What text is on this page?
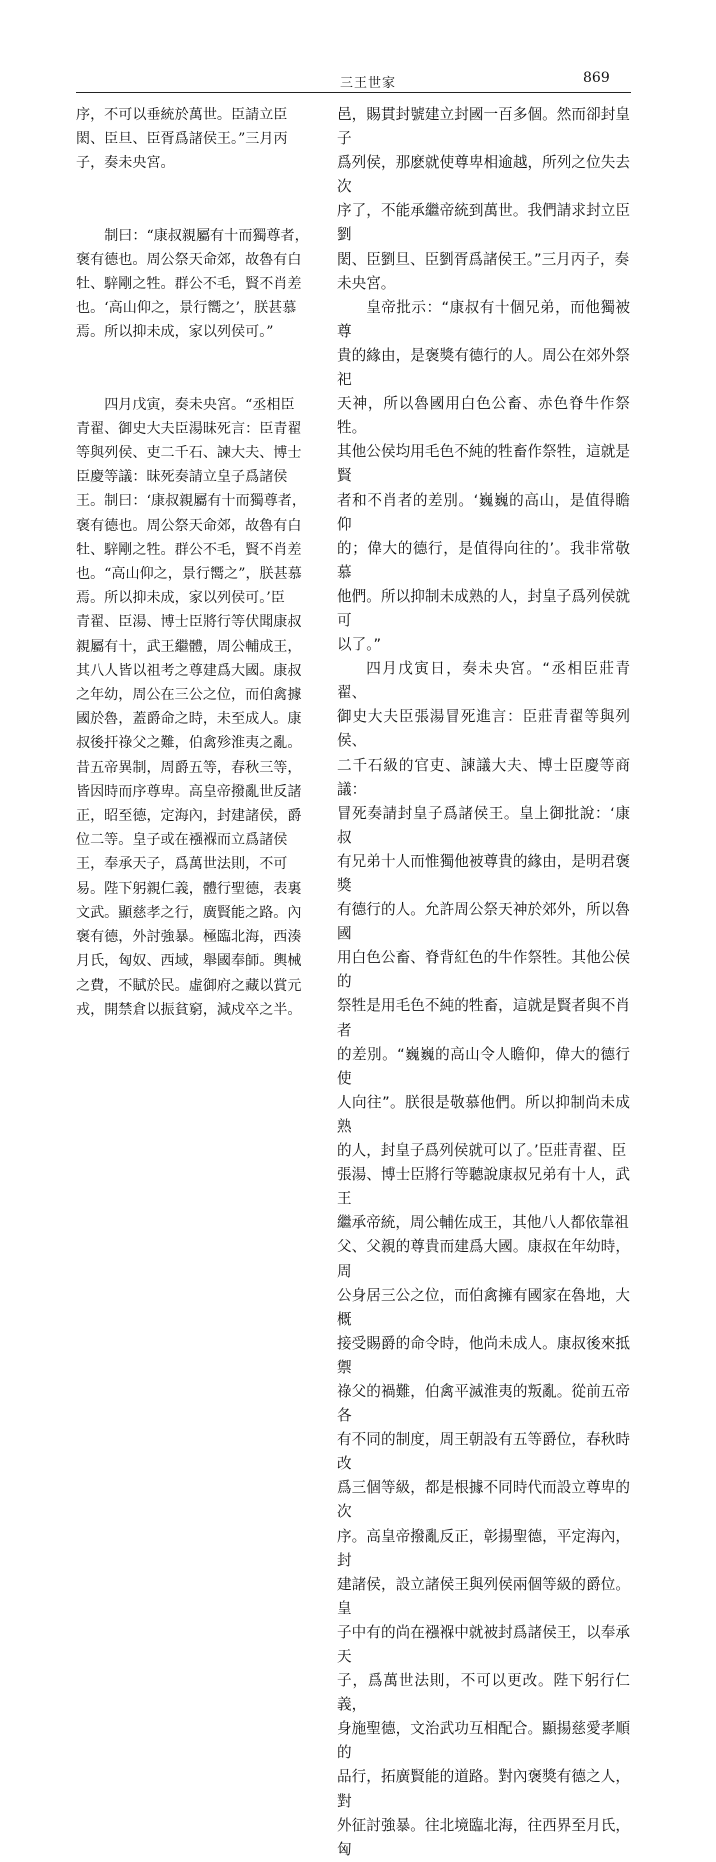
三王世家	869

序，不可以垂統於萬世。臣請立臣
閎、臣旦、臣胥爲諸侯王。”三月丙
子，奏未央宮。

制曰：“康叔親屬有十而獨尊者，
褒有德也。周公祭天命郊，故魯有白
牡、騂剛之牲。群公不毛，賢不肖差
也。‘高山仰之，景行嚮之’，朕甚慕
焉。所以抑未成，家以列侯可。”

四月戊寅，奏未央宮。“丞相臣
青翟、御史大夫臣湯昧死言：臣青翟
等與列侯、吏二千石、諫大夫、博士
臣慶等議：昧死奏請立皇子爲諸侯
王。制曰：‘康叔親屬有十而獨尊者，
褒有德也。周公祭天命郊，故魯有白
牡、騂剛之牲。群公不毛，賢不肖差
也。“高山仰之，景行嚮之”，朕甚慕
焉。所以抑未成，家以列侯可。’臣
青翟、臣湯、博士臣將行等伏聞康叔
親屬有十，武王繼體，周公輔成王，
其八人皆以祖考之尊建爲大國。康叔
之年幼，周公在三公之位，而伯禽據
國於魯，蓋爵命之時，未至成人。康
叔後扞祿父之難，伯禽殄淮夷之亂。
昔五帝異制，周爵五等，春秋三等，
皆因時而序尊卑。高皇帝撥亂世反諸
正，昭至德，定海內，封建諸侯，爵
位二等。皇子或在襁褓而立爲諸侯
王，奉承天子，爲萬世法則，不可
易。陛下躬親仁義，體行聖德，表裏
文武。顯慈孝之行，廣賢能之路。內
褒有德，外討強暴。極臨北海，西湊
月氏，匈奴、西域，舉國奉師。輿械
之費，不賦於民。虛御府之藏以賞元
戎，開禁倉以振貧窮，減戍卒之半。

邑，賜貫封號建立封國一百多個。然而卻封皇子
爲列侯，那麽就使尊卑相逾越，所列之位失去次
序了，不能承繼帝統到萬世。我們請求封立臣劉
閎、臣劉旦、臣劉胥爲諸侯王。”三月丙子，奏
未央宮。

皇帝批示：“康叔有十個兄弟，而他獨被尊
貴的緣由，是褒獎有德行的人。周公在郊外祭祀
天神，所以魯國用白色公畜、赤色脊牛作祭牲。
其他公侯均用毛色不純的牲畜作祭牲，這就是賢
者和不肖者的差別。‘巍巍的高山，是值得瞻仰
的；偉大的德行，是值得向往的’。我非常敬慕
他們。所以抑制未成熟的人，封皇子爲列侯就可
以了。”

四月戊寅日，奏未央宮。“丞相臣莊青翟、
御史大夫臣張湯冒死進言：臣莊青翟等與列侯、
二千石級的官吏、諫議大夫、博士臣慶等商議：
冒死奏請封皇子爲諸侯王。皇上御批說：‘康叔
有兄弟十人而惟獨他被尊貴的緣由，是明君褒獎
有德行的人。允許周公祭天神於郊外，所以魯國
用白色公畜、脊背紅色的牛作祭牲。其他公侯的
祭牲是用毛色不純的牲畜，這就是賢者與不肖者
的差別。“巍巍的高山令人瞻仰，偉大的德行使
人向往”。朕很是敬慕他們。所以抑制尚未成熟
的人，封皇子爲列侯就可以了。’臣莊青翟、臣
張湯、博士臣將行等聽說康叔兄弟有十人，武王
繼承帝統，周公輔佐成王，其他八人都依靠祖
父、父親的尊貴而建爲大國。康叔在年幼時，周
公身居三公之位，而伯禽擁有國家在魯地，大概
接受賜爵的命令時，他尚未成人。康叔後來抵禦
祿父的禍難，伯禽平滅淮夷的叛亂。從前五帝各
有不同的制度，周王朝設有五等爵位，春秋時改
爲三個等級，都是根據不同時代而設立尊卑的次
序。高皇帝撥亂反正，彰揚聖德，平定海內，封
建諸侯，設立諸侯王與列侯兩個等級的爵位。皇
子中有的尚在襁褓中就被封爲諸侯王，以奉承天
子，爲萬世法則，不可以更改。陛下躬行仁義，
身施聖德，文治武功互相配合。顯揚慈愛孝順的
品行，拓廣賢能的道路。對內褒獎有德之人，對
外征討強暴。往北境臨北海，往西界至月氏，匈
